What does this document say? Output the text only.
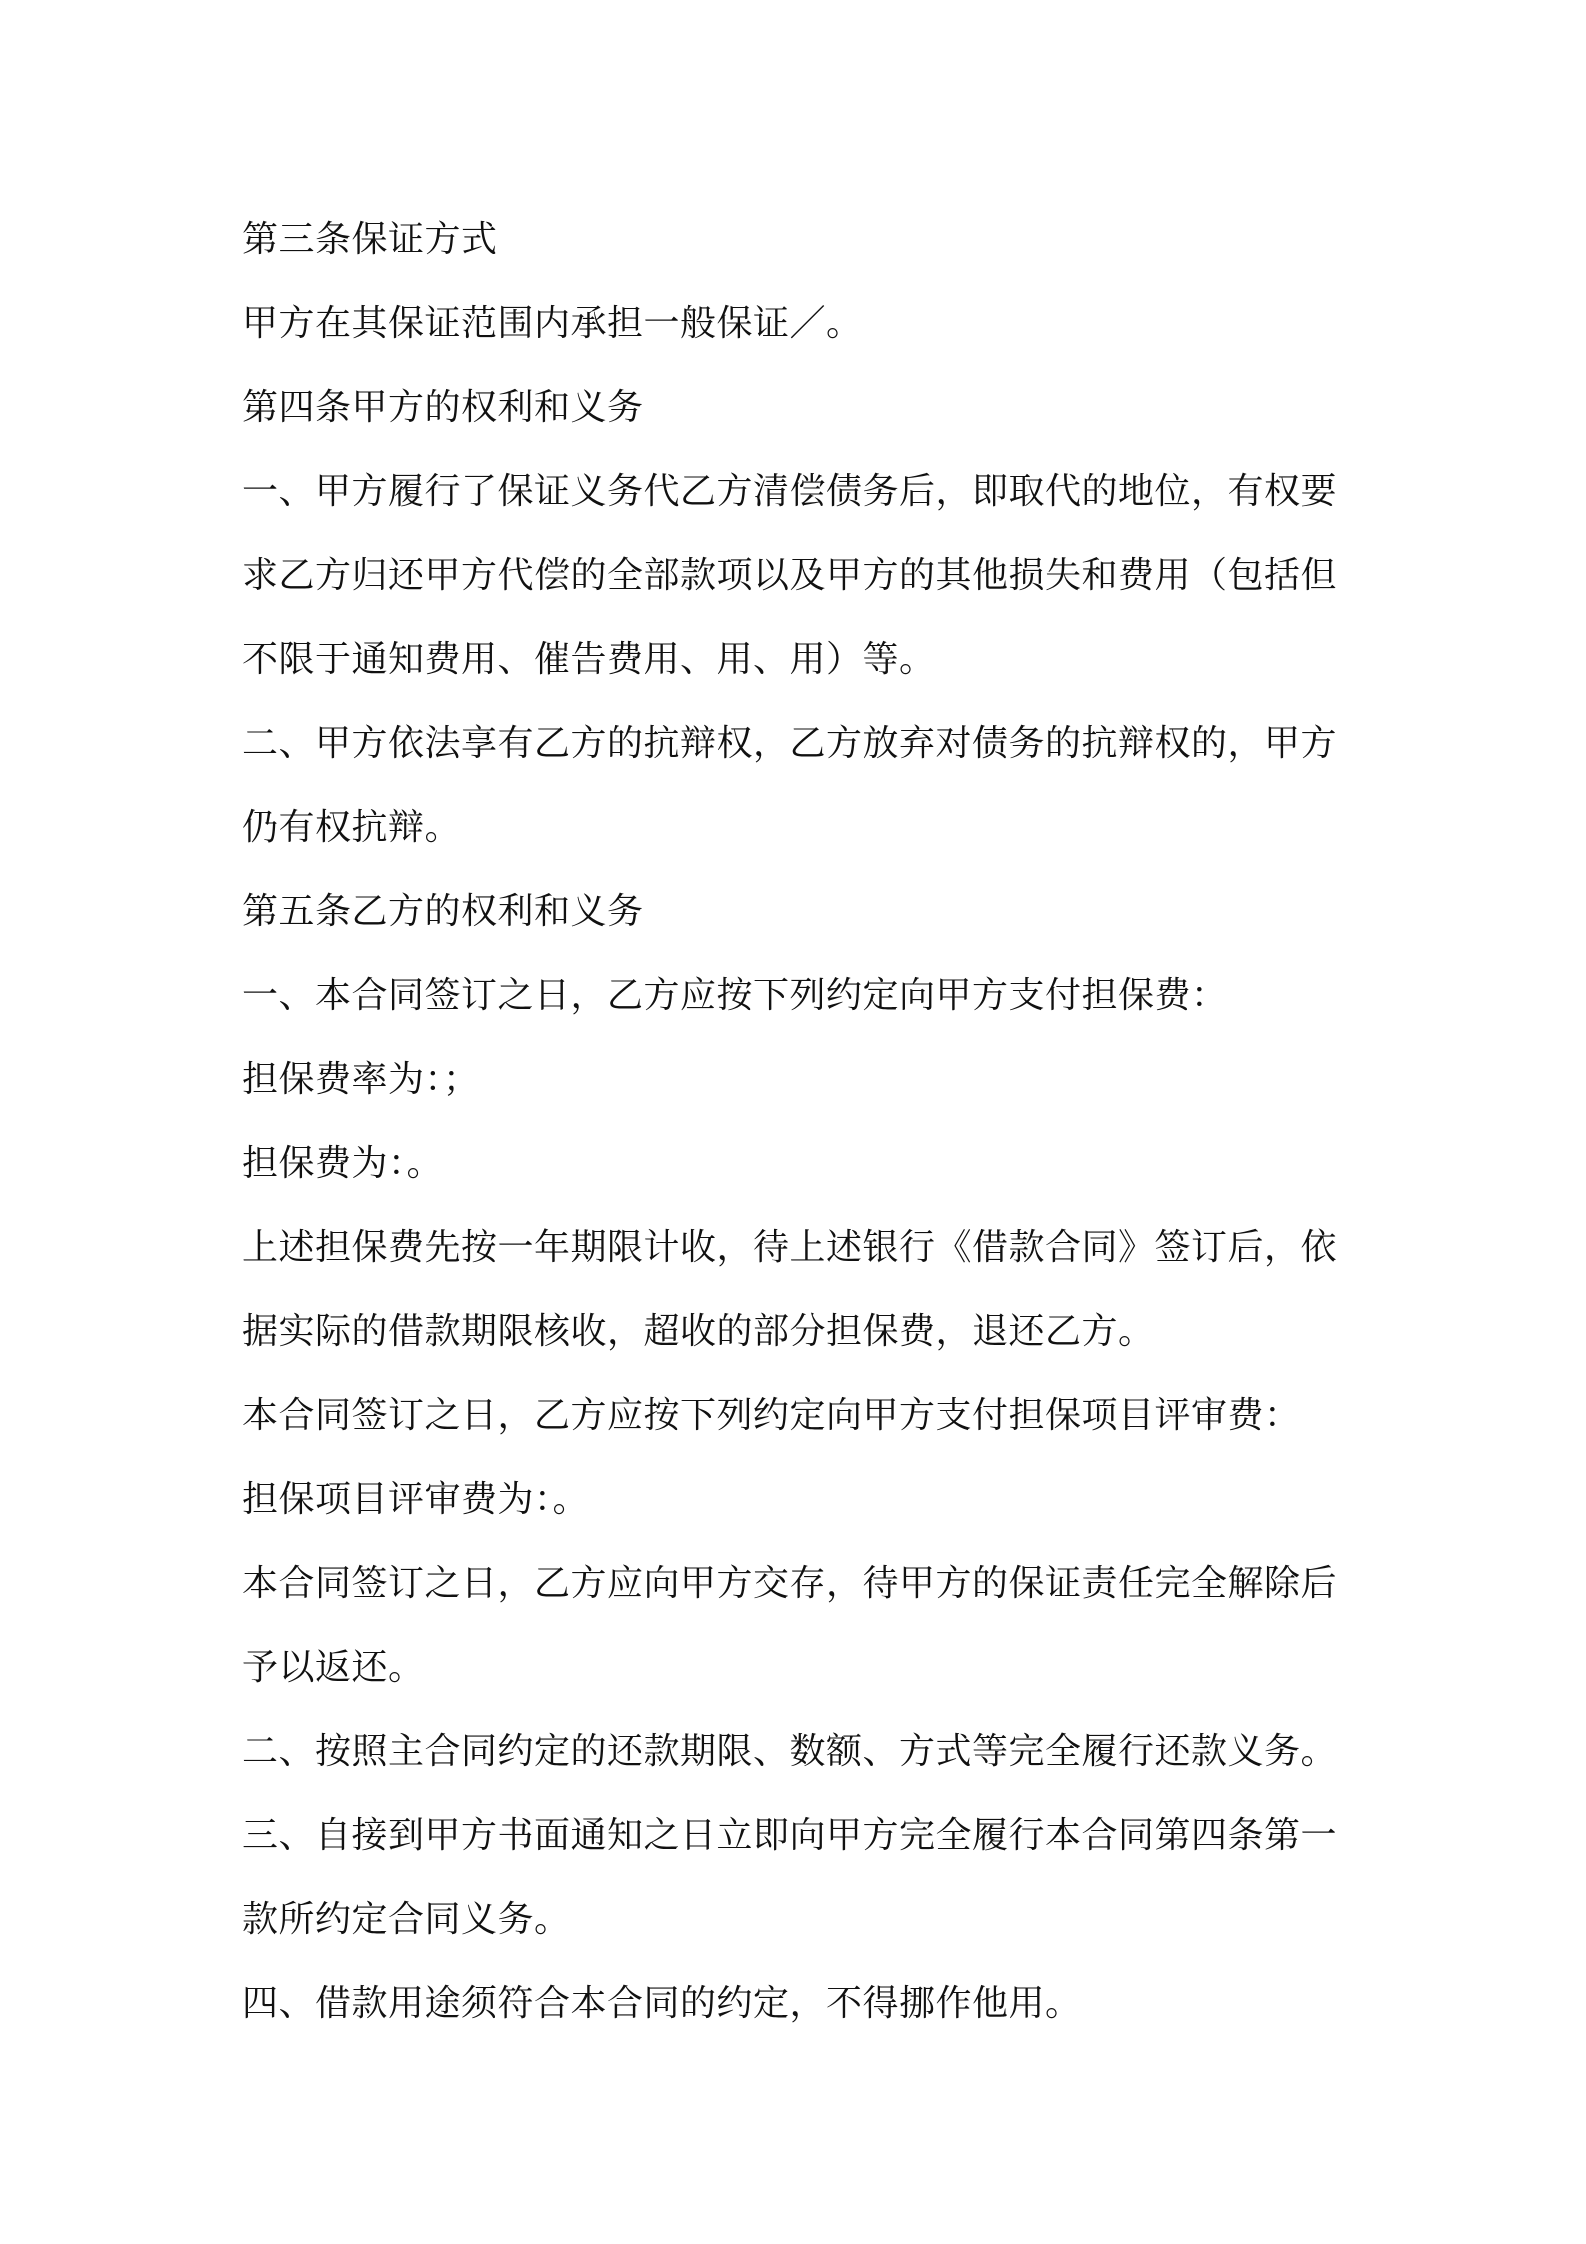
第三条保证方式
甲方在其保证范围内承担一般保证／。
第四条甲方的权利和义务
一、甲方履行了保证义务代乙方清偿债务后，即取代的地位，有权要
求乙方归还甲方代偿的全部款项以及甲方的其他损失和费用（包括但
不限于通知费用、催告费用、用、用）等。
二、甲方依法享有乙方的抗辩权，乙方放弃对债务的抗辩权的，甲方
仍有权抗辩。
第五条乙方的权利和义务
一、本合同签订之日，乙方应按下列约定向甲方支付担保费：
担保费率为：；
担保费为：。
上述担保费先按一年期限计收，待上述银行《借款合同》签订后，依
据实际的借款期限核收，超收的部分担保费，退还乙方。
本合同签订之日，乙方应按下列约定向甲方支付担保项目评审费：
担保项目评审费为：。
本合同签订之日，乙方应向甲方交存，待甲方的保证责任完全解除后
予以返还。
二、按照主合同约定的还款期限、数额、方式等完全履行还款义务。
三、自接到甲方书面通知之日立即向甲方完全履行本合同第四条第一
款所约定合同义务。
四、借款用途须符合本合同的约定，不得挪作他用。
